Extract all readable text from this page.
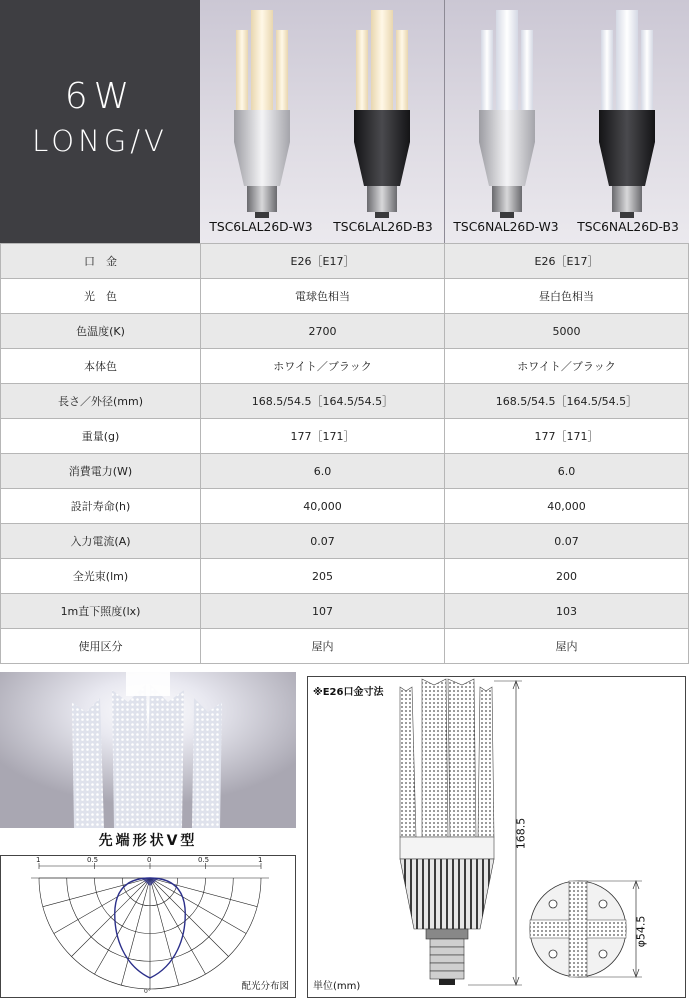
6W
LONG/V
TSC6LAL26D-W3	TSC6LAL26D-B3	TSC6NAL26D-W3	TSC6NAL26D-B3
口　金	E26［E17］	E26［E17］
光　色	電球色相当	昼白色相当
色温度(K)	2700	5000
本体色	ホワイト／ブラック	ホワイト／ブラック
長さ／外径(mm)	168.5/54.5［164.5/54.5］	168.5/54.5［164.5/54.5］
重量(g)	177［171］	177［171］
消費電力(W)	6.0	6.0
設計寿命(h)	40,000	40,000
入力電流(A)	0.07	0.07
全光束(lm)	205	200
1m直下照度(lx)	107	103
使用区分	屋内	屋内
先端形状V型
1	0.5	0	0.5	1
0°	配光分布図
※E26口金寸法
168.5
φ54.5
単位(mm)
